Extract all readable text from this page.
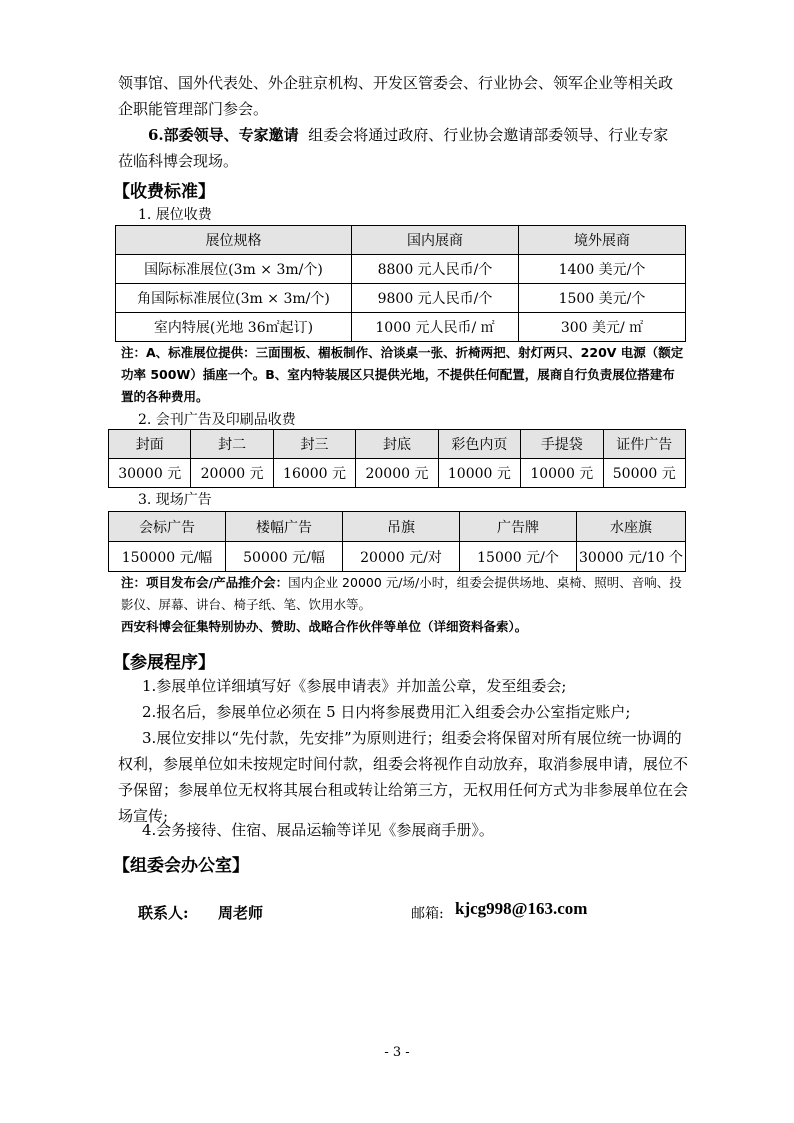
领事馆、国外代表处、外企驻京机构、开发区管委会、行业协会、领军企业等相关政
企职能管理部门参会。
6.部委领导、专家邀请 组委会将通过政府、行业协会邀请部委领导、行业专家
莅临科博会现场。

【收费标准】

1. 展位收费

展位规格	国内展商	境外展商
国际标准展位(3m × 3m/个)	8800 元人民币/个	1400 美元/个
角国际标准展位(3m × 3m/个)	9800 元人民币/个	1500 美元/个
室内特展(光地 36㎡起订)	1000 元人民币/ ㎡	300 美元/ ㎡

注：A、标准展位提供：三面围板、楣板制作、洽谈桌一张、折椅两把、射灯两只、220V 电源（额定功率 500W）插座一个。B、室内特装展区只提供光地，不提供任何配置，展商自行负责展位搭建布置的各种费用。

2. 会刊广告及印刷品收费

封面	封二	封三	封底	彩色内页	手提袋	证件广告
30000 元	20000 元	16000 元	20000 元	10000 元	10000 元	50000 元

3. 现场广告

会标广告	楼幅广告	吊旗	广告牌	水座旗
150000 元/幅	50000 元/幅	20000 元/对	15000 元/个	30000 元/10 个

注：项目发布会/产品推介会：国内企业 20000 元/场/小时，组委会提供场地、桌椅、照明、音响、投影仪、屏幕、讲台、椅子纸、笔、饮用水等。
西安科博会征集特别协办、赞助、战略合作伙伴等单位（详细资料备索）。

【参展程序】

1.参展单位详细填写好《参展申请表》并加盖公章，发至组委会;

2.报名后，参展单位必须在 5 日内将参展费用汇入组委会办公室指定账户;

3.展位安排以“先付款，先安排”为原则进行；组委会将保留对所有展位统一协调的权利，参展单位如未按规定时间付款，组委会将视作自动放弃，取消参展申请，展位不予保留；参展单位无权将其展台租或转让给第三方，无权用任何方式为非参展单位在会场宣传;

4.会务接待、住宿、展品运输等详见《参展商手册》。

【组委会办公室】
联系人: 周老师	邮箱: kjcg998@163.com
- 3 -
